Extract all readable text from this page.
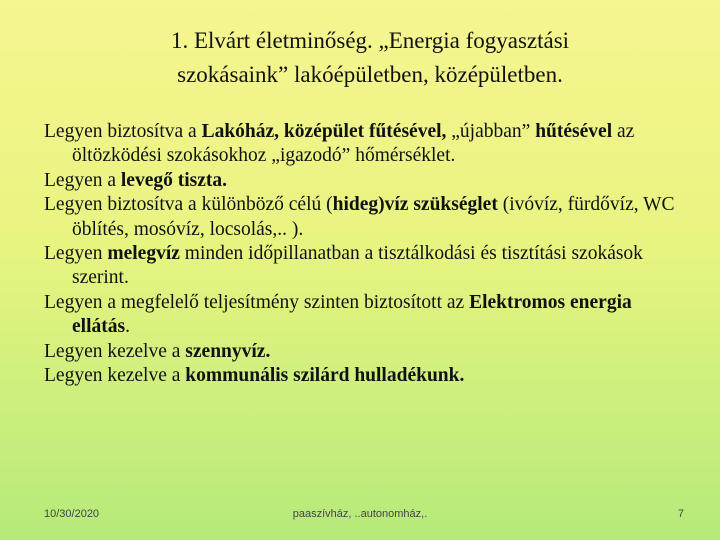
1. Elvárt életminőség. „Energia fogyasztási
szokásaink” lakóépületben, középületben.

Legyen biztosítva a Lakóház, középület fűtésével, „újabban” hűtésével az öltözködési szokásokhoz „igazodó” hőmérséklet.

Legyen a levegő tiszta.

Legyen biztosítva a különböző célú (hideg)víz szükséglet (ivóvíz, fürdővíz, WC öblítés, mosóvíz, locsolás,.. ).

Legyen melegvíz minden időpillanatban a tisztálkodási és tisztítási szokások szerint.

Legyen a megfelelő teljesítmény szinten biztosított az Elektromos energia ellátás.

Legyen kezelve a szennyvíz.

Legyen kezelve a kommunális szilárd hulladékunk.

10/30/2020	paaszívház, ..autonomház,.	7
